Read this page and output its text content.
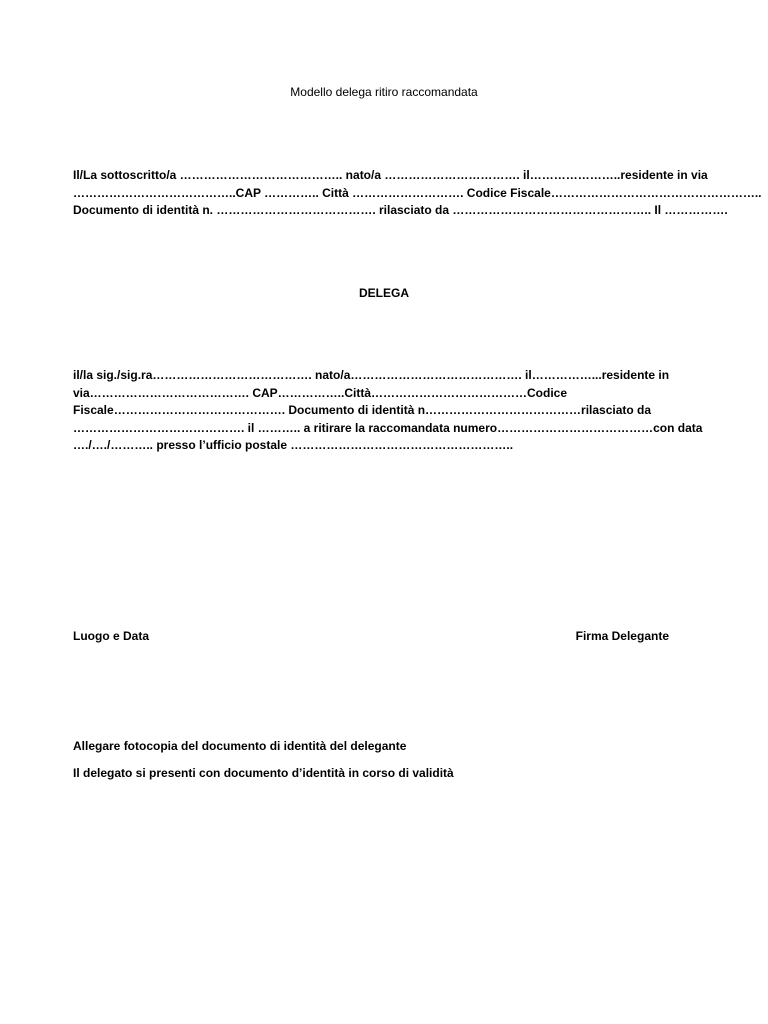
Modello delega ritiro raccomandata
Il/La sottoscritto/a ………………………………….. nato/a ……………………………. il…………………..residente in via
…………………………………..CAP ………….. Città ………………………. Codice Fiscale……………………………………………..
Documento di identità n. …………………………………. rilasciato da ………………………………………….. Il …………….
DELEGA
il/la sig./sig.ra…………………………………. nato/a……………………………………. il……………...residente in
via…………………………………. CAP……………..Città…………………………………Codice
Fiscale……………………………………. Documento di identità n…………………………………rilasciato da
……………………………………. il ……….. a ritirare la raccomandata numero…………………………………con data
…./…./……….. presso l’ufficio postale ………………………………………………..
Luogo e Data	Firma Delegante
Allegare fotocopia del documento di identità del delegante
Il delegato si presenti con documento d’identità in corso di validità
